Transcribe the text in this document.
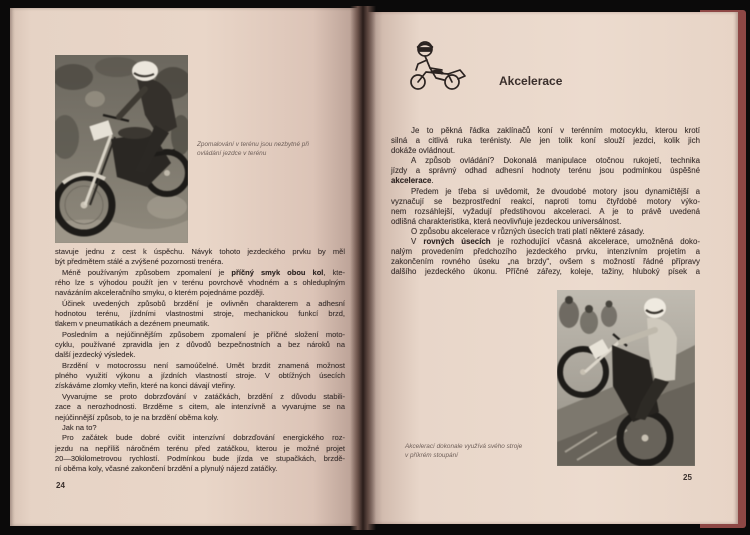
Zpomalování v terénu jsou nezbytné při
ovládání jezdce v terénu
stavuje jednu z cest k úspěchu. Návyk tohoto jezdeckého prvku by měl
být předmětem stálé a zvýšené pozornosti trenéra.
Méně používaným způsobem zpomalení je příčný smyk obou kol, kte-
rého lze s výhodou použít jen v terénu povrchově vhodném a s ohleduplným
navázáním akceleračního smyku, o kterém pojednáme později.
Účinek uvedených způsobů brzdění je ovlivněn charakterem a adhesní
hodnotou terénu, jízdními vlastnostmi stroje, mechanickou funkcí brzd,
tlakem v pneumatikách a dezénem pneumatik.
Posledním a nejúčinnějším způsobem zpomalení je příčné složení moto-
cyklu, používané zpravidla jen z důvodů bezpečnostních a bez nároků na
další jezdecký výsledek.
Brzdění v motocrossu není samoúčelné. Umět brzdit znamená možnost
plného využití výkonu a jízdních vlastností stroje. V obtížných úsecích
získáváme zlomky vteřin, které na konci dávají vteřiny.
Vyvarujme se proto dobrzďování v zatáčkách, brzdění z důvodu stabili-
zace a nerozhodnosti. Brzděme s citem, ale intenzívně a vyvarujme se na
nejúčinnější způsob, to je na brzdění oběma koly.
Jak na to?
Pro začátek bude dobré cvičit intenzívní dobrzďování energického roz-
jezdu na nepříliš náročném terénu před zatáčkou, kterou je možné projet
20—30kilometrovou rychlostí. Podmínkou bude jízda ve stupačkách, brzdě-
ní oběma koly, včasné zakončení brzdění a plynulý nájezd zatáčky.
24
Akcelerace
Je to pěkná řádka zaklínačů koní v terénním motocyklu, kterou krotí
silná a citlivá ruka terénisty. Ale jen tolik koní slouží jezdci, kolik jich
dokáže ovládnout.
A způsob ovládání? Dokonalá manipulace otočnou rukojetí, technika
jízdy a správný odhad adhesní hodnoty terénu jsou podmínkou úspěšné
akcelerace.
Předem je třeba si uvědomit, že dvoudobé motory jsou dynamičtější a
vyznačují se bezprostřední reakcí, naproti tomu čtyřdobé motory výko-
nem rozsáhlejší, vyžadují předstihovou akceleraci. A je to právě uvedená
odlišná charakteristika, která neovlivňuje jezdeckou universálnost.
O způsobu akcelerace v různých úsecích trati platí některé zásady.
V rovných úsecích je rozhodující včasná akcelerace, umožněná doko-
nalým provedením předchozího jezdeckého prvku, intenzívním projetím a
zakončením rovného úseku „na brzdy“, ovšem s možností řádné přípravy
dalšího jezdeckého úkonu. Příčné zářezy, koleje, tažiny, hluboký písek a
Akcelerací dokonale využívá svého stroje
v příkrém stoupání
25
